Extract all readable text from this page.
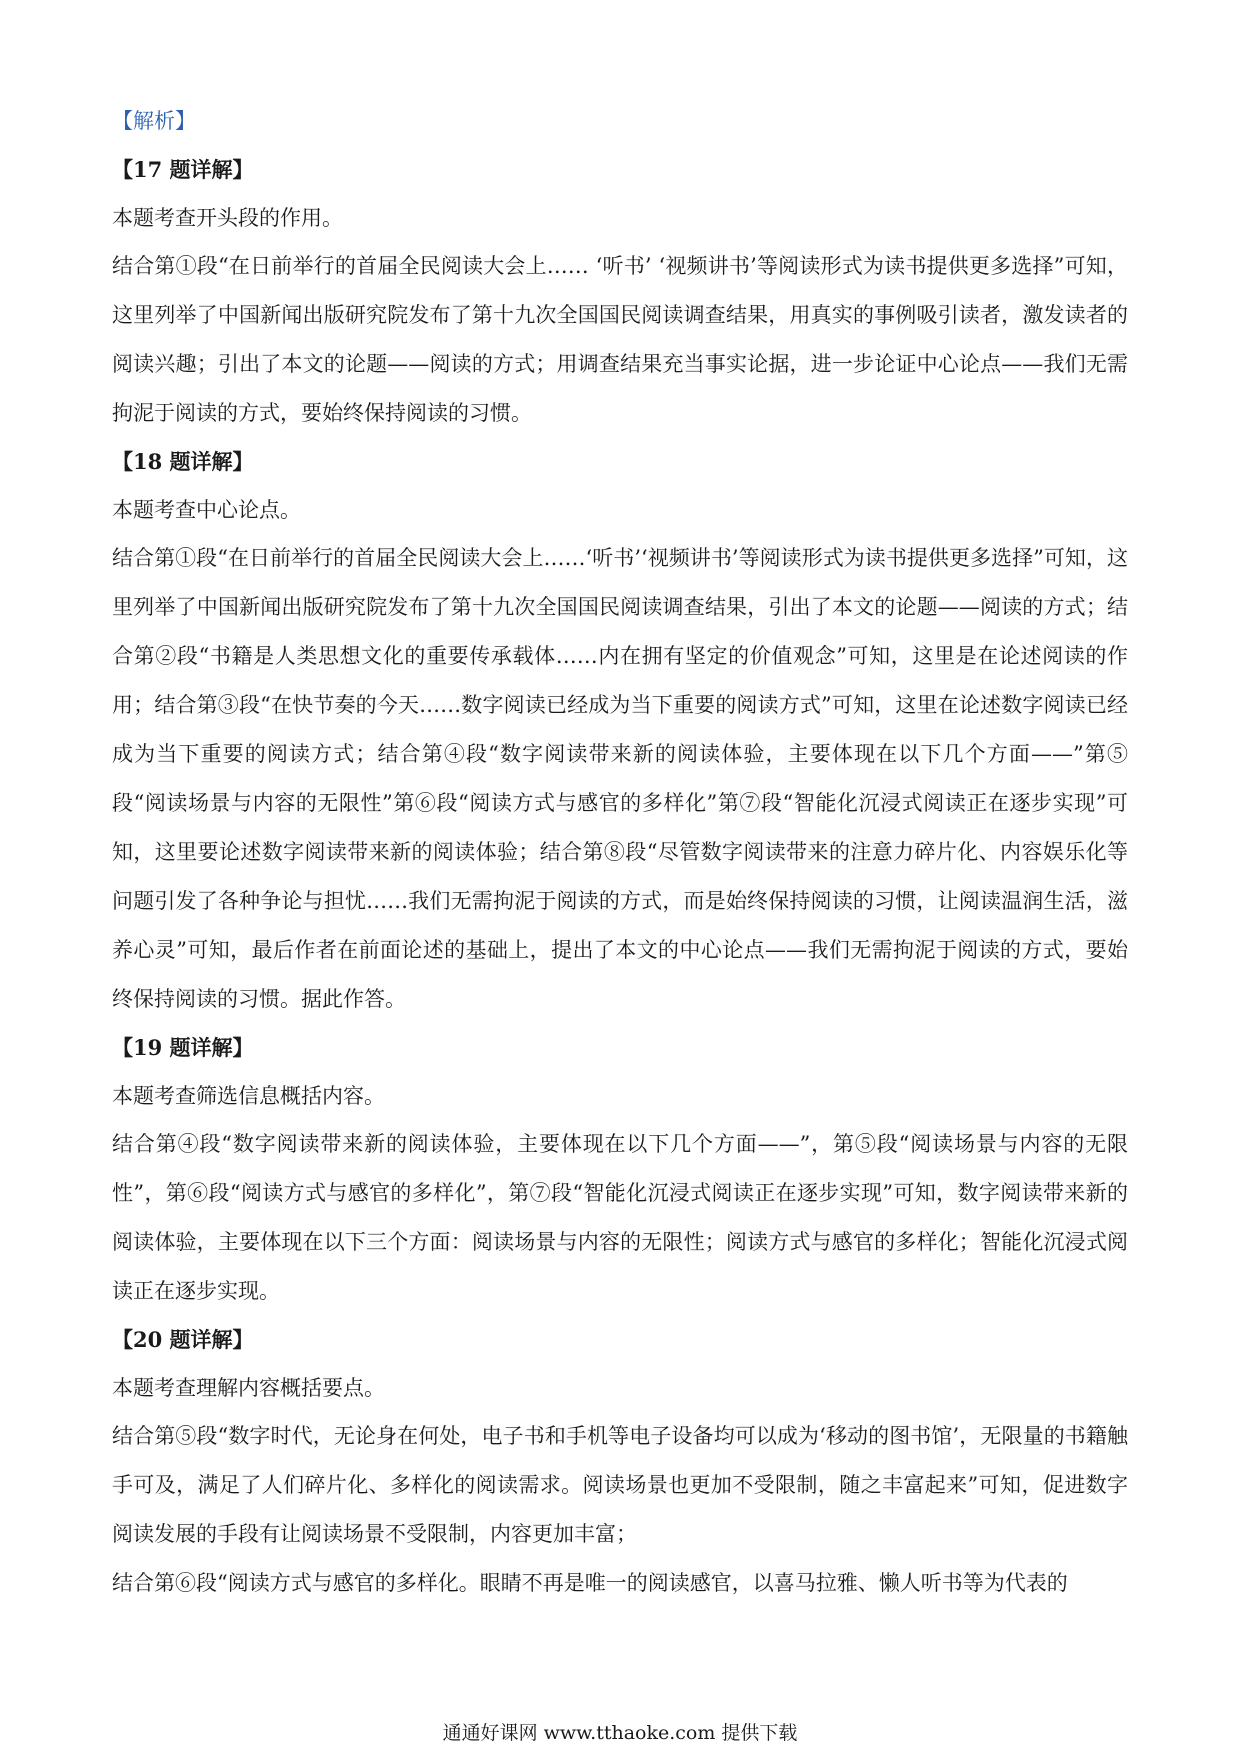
【解析】
【17 题详解】
本题考查开头段的作用。

结合第①段“在日前举行的首届全民阅读大会上…… ‘听书’ ‘视频讲书’等阅读形式为读书提供更多选择”可知，这里列举了中国新闻出版研究院发布了第十九次全国国民阅读调查结果，用真实的事例吸引读者，激发读者的阅读兴趣；引出了本文的论题——阅读的方式；用调查结果充当事实论据，进一步论证中心论点——我们无需拘泥于阅读的方式，要始终保持阅读的习惯。

【18 题详解】
本题考查中心论点。

结合第①段“在日前举行的首届全民阅读大会上……‘听书’‘视频讲书’等阅读形式为读书提供更多选择”可知，这里列举了中国新闻出版研究院发布了第十九次全国国民阅读调查结果，引出了本文的论题——阅读的方式；结合第②段“书籍是人类思想文化的重要传承载体……内在拥有坚定的价值观念”可知，这里是在论述阅读的作用；结合第③段“在快节奏的今天……数字阅读已经成为当下重要的阅读方式”可知，这里在论述数字阅读已经成为当下重要的阅读方式；结合第④段“数字阅读带来新的阅读体验，主要体现在以下几个方面——”第⑤段“阅读场景与内容的无限性”第⑥段“阅读方式与感官的多样化”第⑦段“智能化沉浸式阅读正在逐步实现”可知，这里要论述数字阅读带来新的阅读体验；结合第⑧段“尽管数字阅读带来的注意力碎片化、内容娱乐化等问题引发了各种争论与担忧……我们无需拘泥于阅读的方式，而是始终保持阅读的习惯，让阅读温润生活，滋养心灵”可知，最后作者在前面论述的基础上，提出了本文的中心论点——我们无需拘泥于阅读的方式，要始终保持阅读的习惯。据此作答。

【19 题详解】
本题考查筛选信息概括内容。

结合第④段“数字阅读带来新的阅读体验，主要体现在以下几个方面——”，第⑤段“阅读场景与内容的无限性”，第⑥段“阅读方式与感官的多样化”，第⑦段“智能化沉浸式阅读正在逐步实现”可知，数字阅读带来新的阅读体验，主要体现在以下三个方面：阅读场景与内容的无限性；阅读方式与感官的多样化；智能化沉浸式阅读正在逐步实现。

【20 题详解】
本题考查理解内容概括要点。

结合第⑤段“数字时代，无论身在何处，电子书和手机等电子设备均可以成为‘移动的图书馆’，无限量的书籍触手可及，满足了人们碎片化、多样化的阅读需求。阅读场景也更加不受限制，随之丰富起来”可知，促进数字阅读发展的手段有让阅读场景不受限制，内容更加丰富；

结合第⑥段“阅读方式与感官的多样化。眼睛不再是唯一的阅读感官，以喜马拉雅、懒人听书等为代表的

通通好课网 www.tthaoke.com 提供下载
